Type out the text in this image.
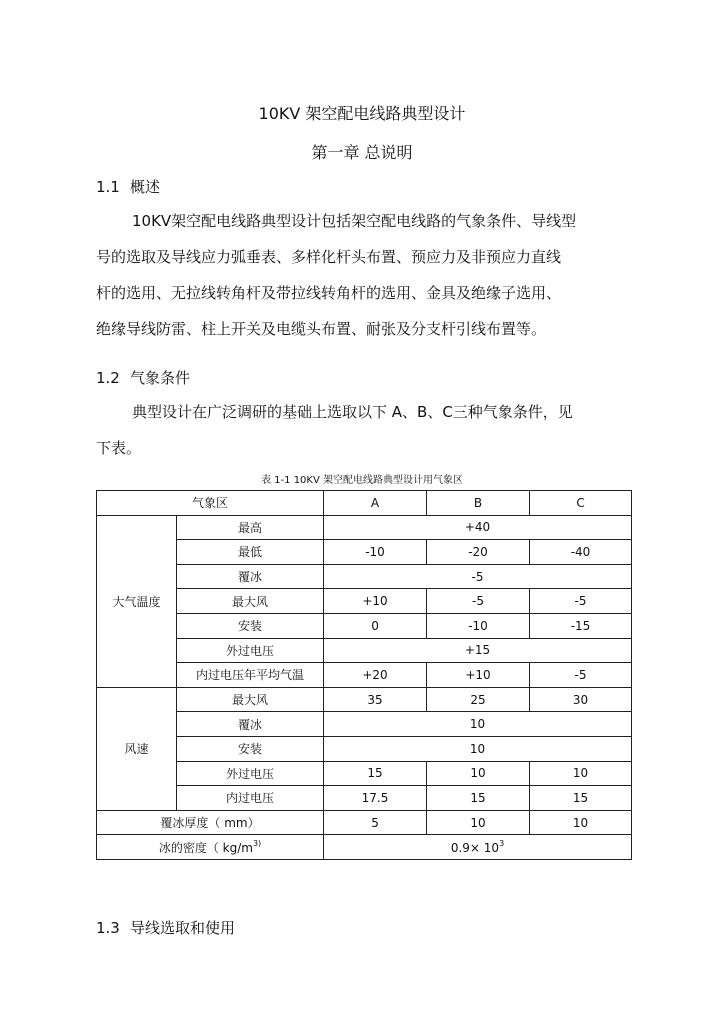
10KV 架空配电线路典型设计
第一章 总说明
1.1 概述
10KV架空配电线路典型设计包括架空配电线路的气象条件、导线型
号的选取及导线应力弧垂表、多样化杆头布置、预应力及非预应力直线
杆的选用、无拉线转角杆及带拉线转角杆的选用、金具及绝缘子选用、
绝缘导线防雷、柱上开关及电缆头布置、耐张及分支杆引线布置等。
1.2 气象条件
典型设计在广泛调研的基础上选取以下 A、B、C三种气象条件，见
下表。
表 1-1 10KV 架空配电线路典型设计用气象区
气象区		A	B	C
大气温度	最高	+40		
	最低	-10	-20	-40
	覆冰	-5		
	最大风	+10	-5	-5
	安装	0	-10	-15
	外过电压	+15		
	内过电压年平均气温	+20	+10	-5
风速	最大风	35	25	30
	覆冰	10		
	安装	10		
	外过电压	15	10	10
	内过电压	17.5	15	15
覆冰厚度（ mm）		5	10	10
冰的密度（ $kg/m^{3)}$		$0.9\times 10^3$
1.3 导线选取和使用
